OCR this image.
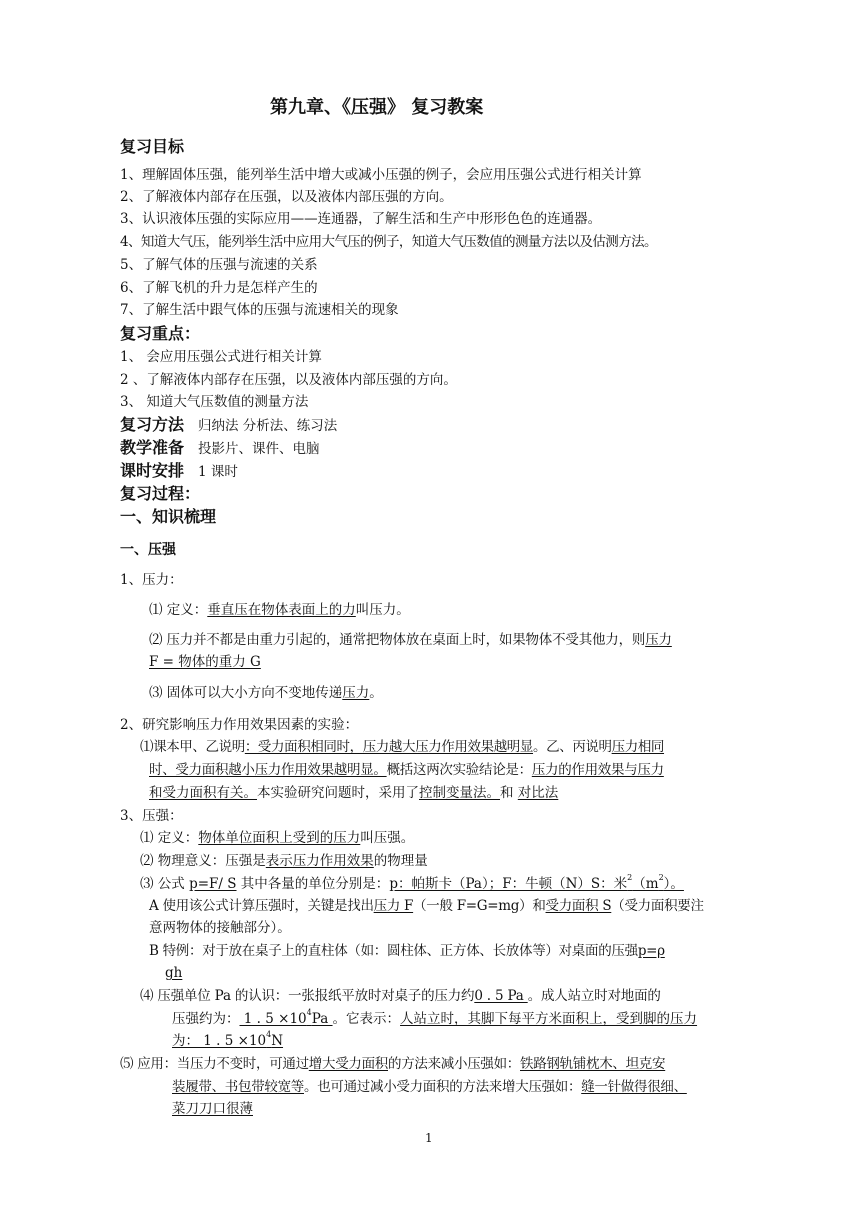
第九章、《压强》 复习教案
复习目标
1、理解固体压强，能列举生活中增大或减小压强的例子，会应用压强公式进行相关计算
2、了解液体内部存在压强，以及液体内部压强的方向。
3、认识液体压强的实际应用——连通器，了解生活和生产中形形色色的连通器。
4、知道大气压，能列举生活中应用大气压的例子，知道大气压数值的测量方法以及估测方法。
5、了解气体的压强与流速的关系
6、了解飞机的升力是怎样产生的
7、了解生活中跟气体的压强与流速相关的现象
复习重点：
1、 会应用压强公式进行相关计算
2 、了解液体内部存在压强，以及液体内部压强的方向。
3、 知道大气压数值的测量方法
复习方法 归纳法 分析法、练习法
教学准备 投影片、课件、电脑
课时安排 1 课时
复习过程：
一、知识梳理
一、压强
1、压力：
⑴ 定义：垂直压在物体表面上的力叫压力。
⑵ 压力并不都是由重力引起的，通常把物体放在桌面上时，如果物体不受其他力，则压力
F = 物体的重力 G
⑶ 固体可以大小方向不变地传递压力。
2、研究影响压力作用效果因素的实验：
⑴课本甲、乙说明：受力面积相同时，压力越大压力作用效果越明显。乙、丙说明压力相同
时、受力面积越小压力作用效果越明显。概括这两次实验结论是：压力的作用效果与压力
和受力面积有关。本实验研究问题时，采用了控制变量法。和 对比法
3、压强：
⑴ 定义：物体单位面积上受到的压力叫压强。
⑵ 物理意义：压强是表示压力作用效果的物理量
⑶ 公式 p=F/ S 其中各量的单位分别是：p：帕斯卡（Pa）；F：牛顿（N）S：米$^2(m^2)$。
A 使用该公式计算压强时，关键是找出压力 F（一般 F=G=mg）和受力面积 S（受力面积要注
意两物体的接触部分）。
B 特例：对于放在桌子上的直柱体（如：圆柱体、正方体、长放体等）对桌面的压强p=ρ
gh
⑷ 压强单位 Pa 的认识：一张报纸平放时对桌子的压力约0 . 5 Pa 。成人站立时对地面的
压强约为： 1 . $5 \times 10^4Pa$ 。它表示：人站立时，其脚下每平方米面积上，受到脚的压力
为： 1 . $5 \times 10^4N$
⑸ 应用：当压力不变时，可通过增大受力面积的方法来减小压强如：铁路钢轨铺枕木、坦克安
装履带、书包带较宽等。也可通过减小受力面积的方法来增大压强如：缝一针做得很细、
菜刀刀口很薄
1
